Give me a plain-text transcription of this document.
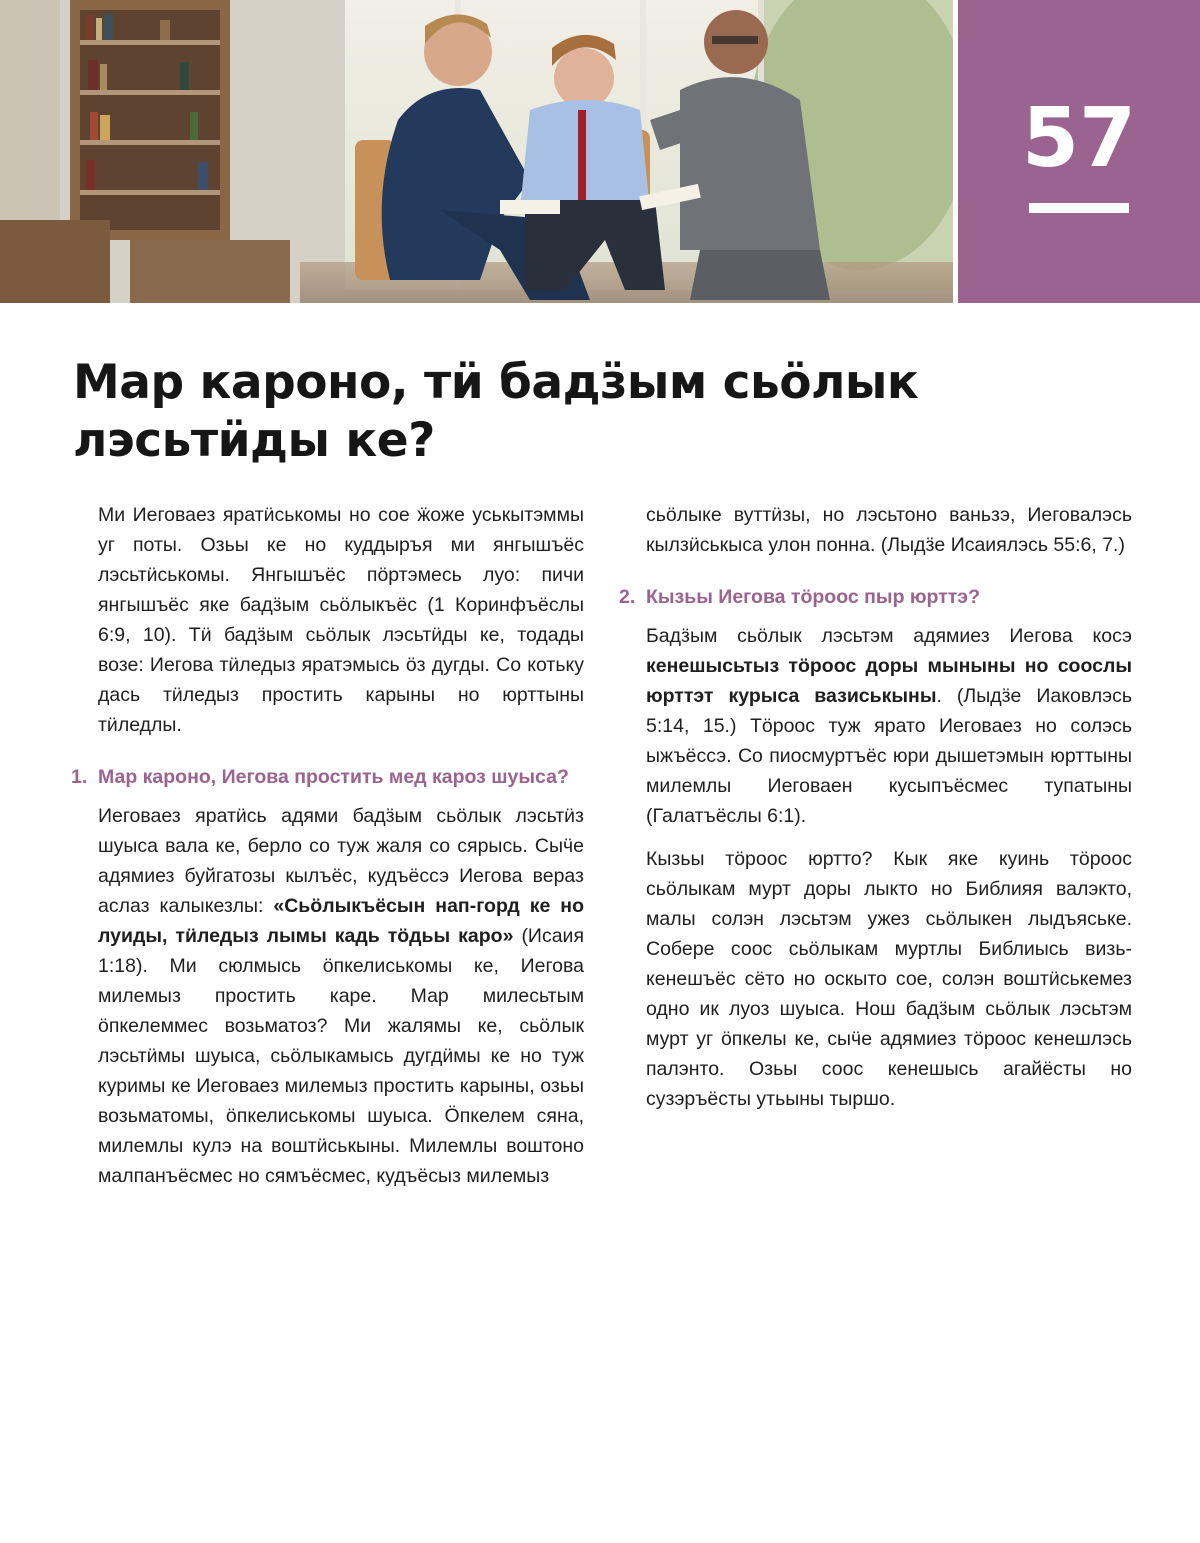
57
Мар кароно, тӥ бадӟым сьӧлык лэсьтӥды ке?

Ми Иеговаез яратӥськомы но сое ӝоже уськытэммы уг поты. Озьы ке но куддыръя ми янгышъёс лэсьтӥськомы. Янгышъёс пӧртэмесь луо: пичи янгышъёс яке бадӟым сьӧлыкъёс (1 Коринфъёслы 6:9, 10). Тӥ бадӟым сьӧлык лэсьтӥды ке, тодады возе: Иегова тӥледыз яратэмысь ӧз дугды. Со котьку дась тӥледыз простить карыны но юрттыны тӥледлы.

1. Мар кароно, Иегова простить мед кароз шуыса?

Иеговаез яратӥсь адями бадӟым сьӧлык лэсьтӥз шуыса вала ке, берло со туж жаля со сярысь. Сыӵе адямиез буйгатозы кылъёс, кудъёссэ Иегова вераз аслаз калыкезлы: «Сьӧлыкъёсын нап-горд ке но луиды, тӥледыз лымы кадь тӧдьы каро» (Исаия 1:18). Ми сюлмысь ӧпкелиськомы ке, Иегова милемыз простить каре. Мар милесьтым ӧпкелеммес возьматоз? Ми жалямы ке, сьӧлык лэсьтӥмы шуыса, сьӧлыкамысь дугдӥмы ке но туж куримы ке Иеговаез милемыз простить карыны, озьы возьматомы, ӧпкелиськомы шуыса. Ӧпкелем сяна, милемлы кулэ на воштӥськыны. Милемлы воштоно малпанъёсмес но сямъёсмес, кудъёсыз милемыз

сьӧлыке вуттӥзы, но лэсьтоно ваньзэ, Иеговалэсь кылзӥськыса улон понна. (Лыдӟе Исаиялэсь 55:6, 7.)

2. Кызьы Иегова тӧроос пыр юрттэ?

Бадӟым сьӧлык лэсьтэм адямиез Иегова косэ кенешысьтыз тӧроос доры мыныны но соослы юрттэт курыса вазиськыны. (Лыдӟе Иаковлэсь 5:14, 15.) Тӧроос туж ярато Иеговаез но солэсь ыжъёссэ. Со пиосмуртъёс юри дышетэмын юрттыны милемлы Иеговаен кусыпъёсмес тупатыны (Галатъёслы 6:1).

Кызьы тӧроос юртто? Кык яке куинь тӧроос сьӧлыкам мурт доры лыкто но Библияя валэкто, малы солэн лэсьтэм ужез сьӧлыкен лыдъяське. Собере соос сьӧлыкам муртлы Библиысь визь-кенешъёс сёто но оскыто сое, солэн воштӥськемез одно ик луоз шуыса. Нош бадӟым сьӧлык лэсьтэм мурт уг ӧпкелы ке, сыӵе адямиез тӧроос кенешлэсь палэнто. Озьы соос кенешысь агайёсты но сузэръёсты утьыны тыршо.
